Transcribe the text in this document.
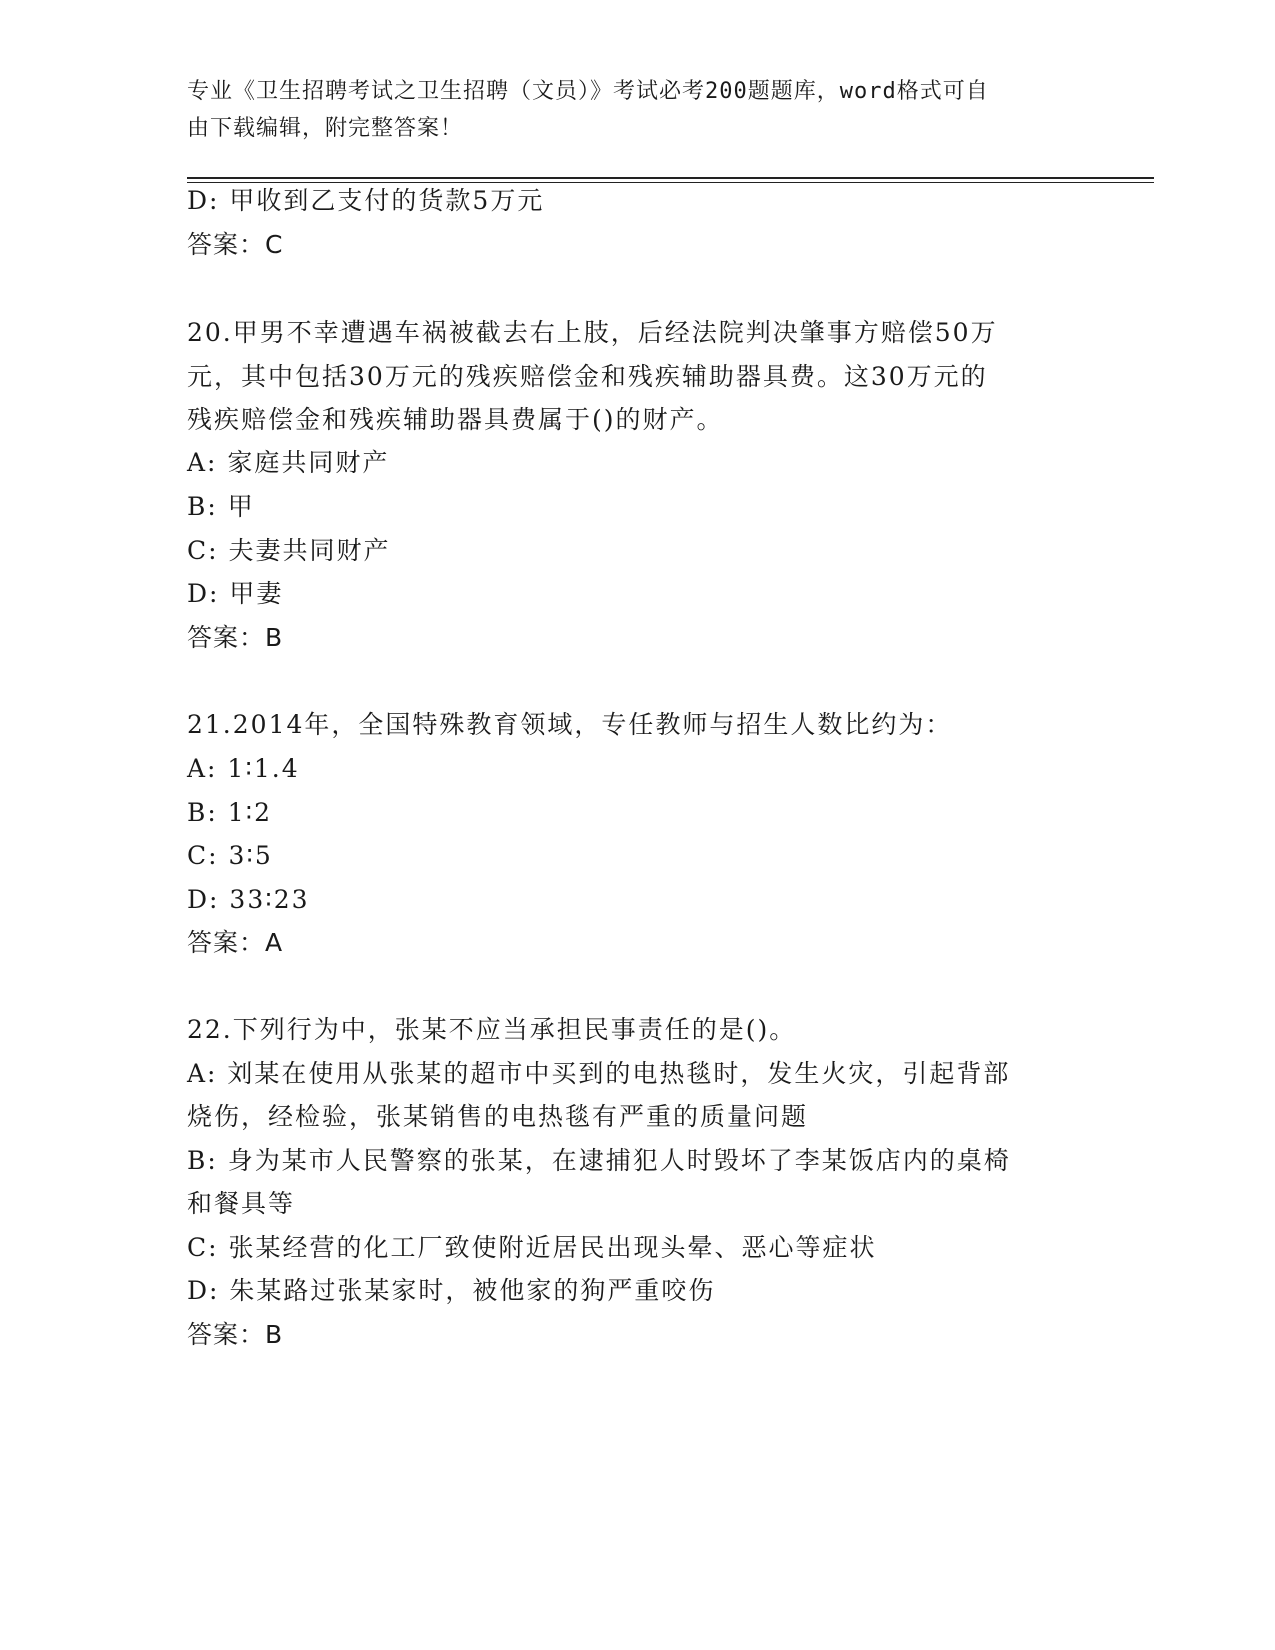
专业《卫生招聘考试之卫生招聘（文员）》考试必考200题题库，word格式可自
由下载编辑，附完整答案！
D: 甲收到乙支付的货款5万元
答案：C
20.甲男不幸遭遇车祸被截去右上肢，后经法院判决肇事方赔偿50万
元，其中包括30万元的残疾赔偿金和残疾辅助器具费。这30万元的
残疾赔偿金和残疾辅助器具费属于()的财产。
A: 家庭共同财产
B: 甲
C: 夫妻共同财产
D: 甲妻
答案：B
21.2014年，全国特殊教育领域，专任教师与招生人数比约为：
A: 1∶1.4
B: 1∶2
C: 3∶5
D: 33∶23
答案：A
22.下列行为中，张某不应当承担民事责任的是()。
A: 刘某在使用从张某的超市中买到的电热毯时，发生火灾，引起背部
烧伤，经检验，张某销售的电热毯有严重的质量问题
B: 身为某市人民警察的张某，在逮捕犯人时毁坏了李某饭店内的桌椅
和餐具等
C: 张某经营的化工厂致使附近居民出现头晕、恶心等症状
D: 朱某路过张某家时，被他家的狗严重咬伤
答案：B
